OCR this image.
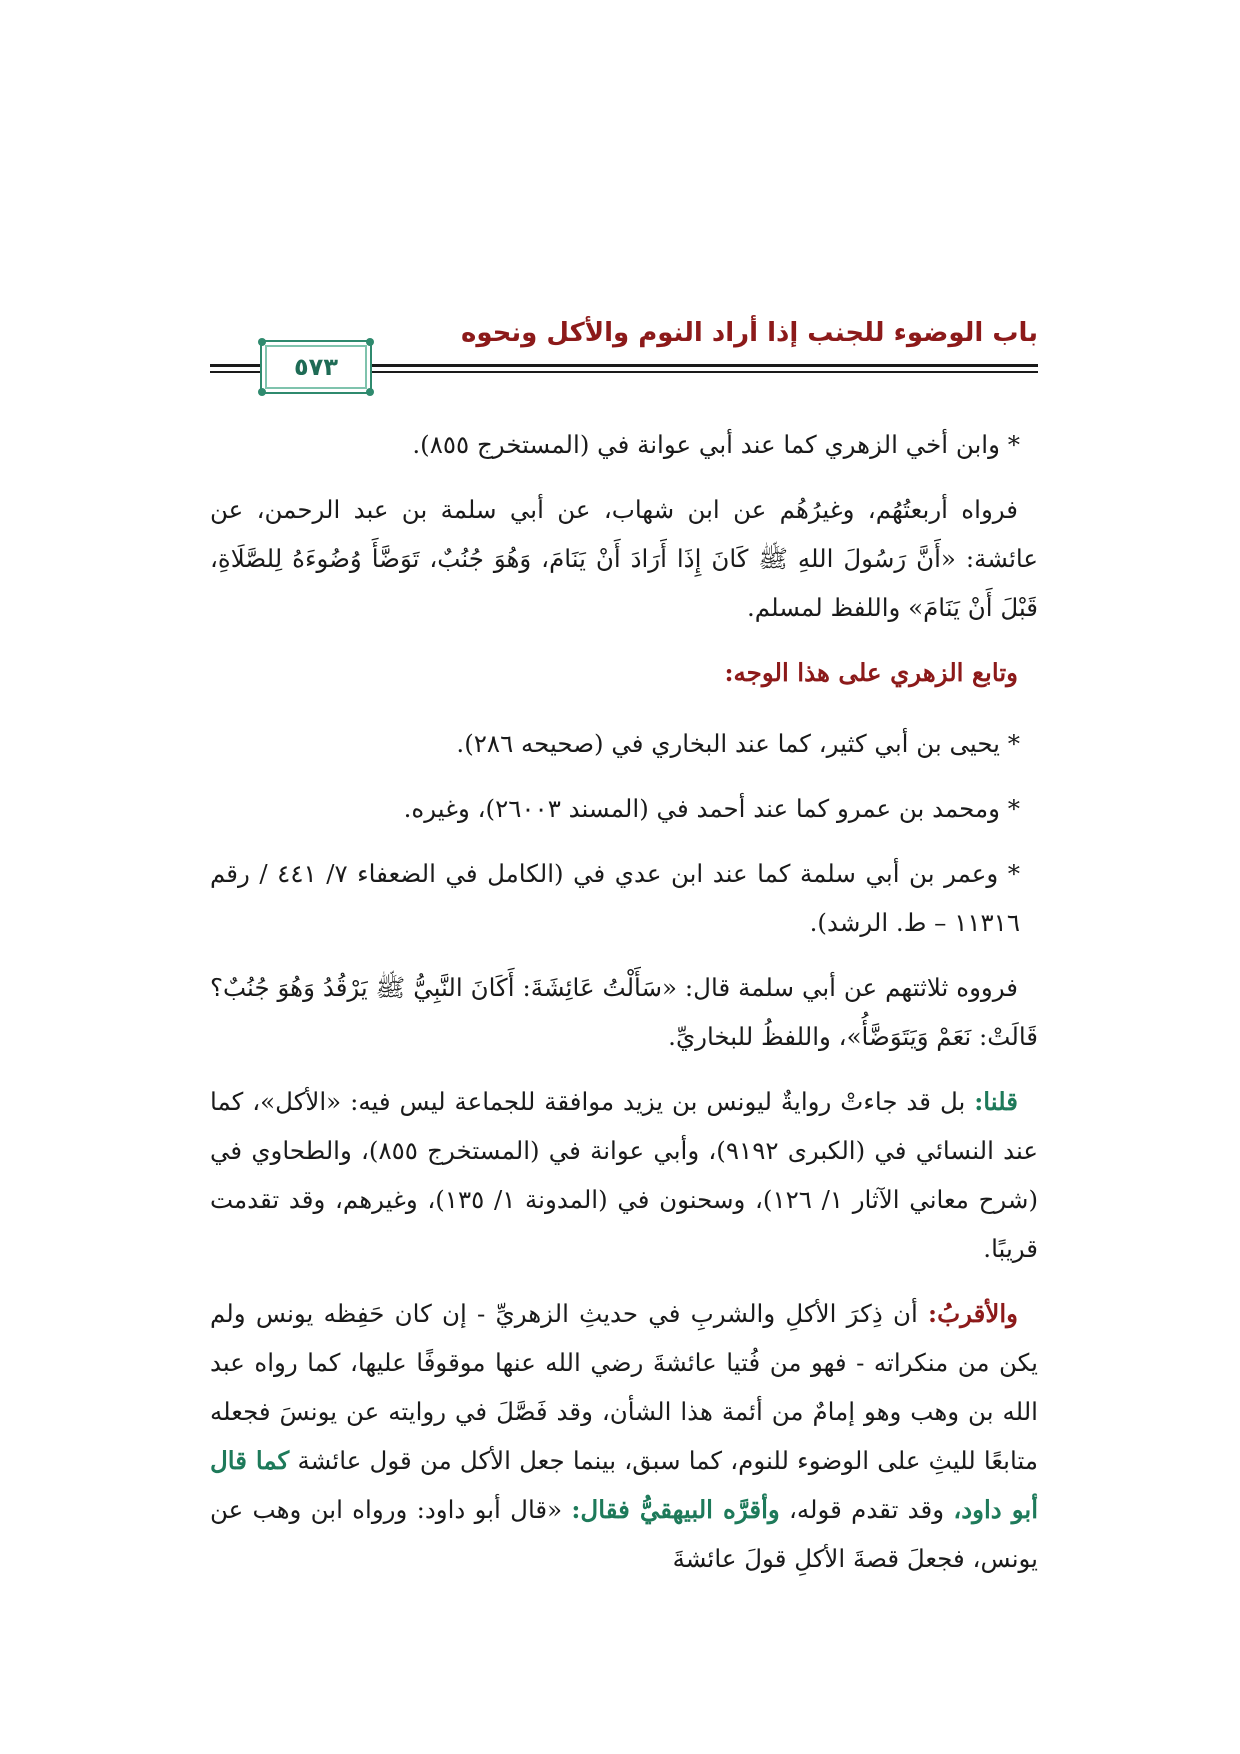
باب الوضوء للجنب إذا أراد النوم والأكل ونحوه
٥٧٣
* وابن أخي الزهري كما عند أبي عوانة في (المستخرج ٨٥٥).
فرواه أربعتُهُم، وغيرُهُم عن ابن شهاب، عن أبي سلمة بن عبد الرحمن، عن عائشة: «أَنَّ رَسُولَ اللهِ ﷺ كَانَ إِذَا أَرَادَ أَنْ يَنَامَ، وَهُوَ جُنُبٌ، تَوَضَّأَ وُضُوءَهُ لِلصَّلَاةِ، قَبْلَ أَنْ يَنَامَ» واللفظ لمسلم.
وتابع الزهري على هذا الوجه:
* يحيى بن أبي كثير، كما عند البخاري في (صحيحه ٢٨٦).
* ومحمد بن عمرو كما عند أحمد في (المسند ٢٦٠٠٣)، وغيره.
* وعمر بن أبي سلمة كما عند ابن عدي في (الكامل في الضعفاء ٧/ ٤٤١ / رقم ١١٣١٦ – ط. الرشد).
فرووه ثلاثتهم عن أبي سلمة قال: «سَأَلْتُ عَائِشَةَ: أَكَانَ النَّبِيُّ ﷺ يَرْقُدُ وَهُوَ جُنُبٌ؟ قَالَتْ: نَعَمْ وَيَتَوَضَّأُ»، واللفظُ للبخاريِّ.
قلنا: بل قد جاءتْ روايةٌ ليونس بن يزيد موافقة للجماعة ليس فيه: «الأكل»، كما عند النسائي في (الكبرى ٩١٩٢)، وأبي عوانة في (المستخرج ٨٥٥)، والطحاوي في (شرح معاني الآثار ١/ ١٢٦)، وسحنون في (المدونة ١/ ١٣٥)، وغيرهم، وقد تقدمت قريبًا.
والأقربُ: أن ذِكرَ الأكلِ والشربِ في حديثِ الزهريِّ - إن كان حَفِظه يونس ولم يكن من منكراته - فهو من فُتيا عائشةَ رضي الله عنها موقوفًا عليها، كما رواه عبد الله بن وهب وهو إمامٌ من أئمة هذا الشأن، وقد فَصَّلَ في روايته عن يونسَ فجعله متابعًا لليثِ على الوضوء للنوم، كما سبق، بينما جعل الأكل من قول عائشة كما قال أبو داود، وقد تقدم قوله، وأقرَّه البيهقيُّ فقال: «قال أبو داود: ورواه ابن وهب عن يونس، فجعلَ قصةَ الأكلِ قولَ عائشةَ
